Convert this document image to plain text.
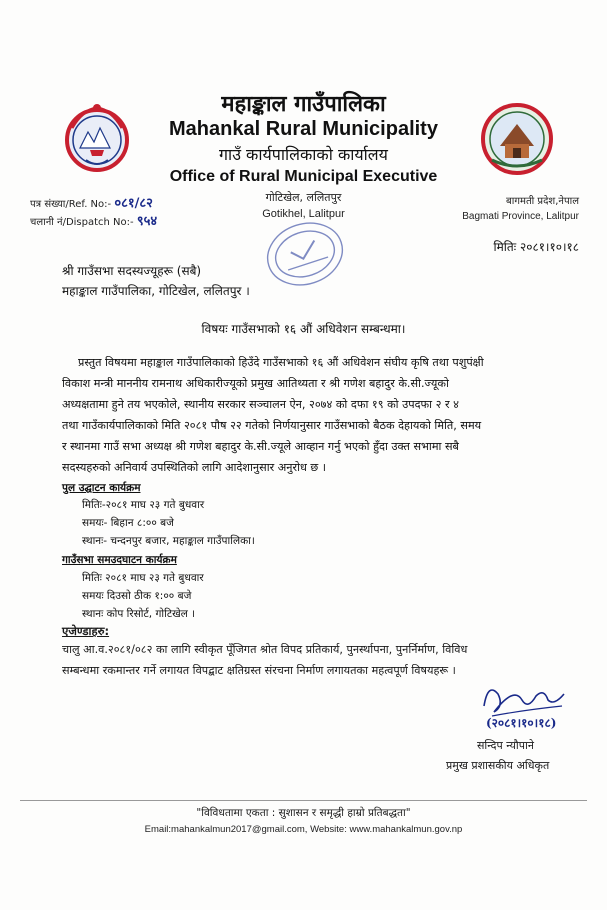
महाङ्काल गाउँपालिका
Mahankal Rural Municipality
गाउँ कार्यपालिकाको कार्यालय
Office of Rural Municipal Executive
गोटिखेल, ललितपुर
Gotikhel, Lalitpur
पत्र संख्या/Ref. No:- ०८१/८२
चलानी नं/Dispatch No:- ९५४
बागमती प्रदेश,नेपाल
Bagmati Province, Lalitpur
मितिः २०८१।१०।१८
श्री गाउँसभा सदस्यज्यूहरू (सबै)
महाङ्काल गाउँपालिका, गोटिखेल, ललितपुर ।
विषयः गाउँसभाको १६ औं अधिवेशन सम्बन्धमा।
प्रस्तुत विषयमा महाङ्काल गाउँपालिकाको हिउँदे गाउँसभाको १६ औं अधिवेशन संघीय कृषि तथा पशुपंक्षी
विकाश मन्त्री माननीय रामनाथ अधिकारीज्यूको प्रमुख आतिथ्यता र श्री गणेश बहादुर के.सी.ज्यूको
अध्यक्षतामा हुने तय भएकोले, स्थानीय सरकार सञ्चालन ऐन, २०७४ को दफा १९ को उपदफा २ र ४
तथा गाउँकार्यपालिकाको मिति २०८१ पौष २२ गतेको निर्णयानुसार गाउँसभाको बैठक देहायको मिति, समय
र स्थानमा गाउँ सभा अध्यक्ष श्री गणेश बहादुर के.सी.ज्यूले आव्हान गर्नु भएको हुँदा उक्त सभामा सबै
सदस्यहरुको अनिवार्य उपस्थितिको लागि आदेशानुसार अनुरोध छ ।
पुल उद्घाटन कार्यक्रम
मितिः-२०८१ माघ २३ गते बुधवार
समयः- बिहान ८:०० बजे
स्थानः- चन्दनपुर बजार, महाङ्काल गाउँपालिका।
गाउँसभा समउदघाटन कार्यक्रम
मितिः २०८१ माघ २३ गते बुधवार
समयः दिउसो ठीक १:०० बजे
स्थानः कोप रिसोर्ट, गोटिखेल ।
एजेण्डाहरु:
चालु आ.व.२०८१/०८२ का लागि स्वीकृत पूँजिगत श्रोत विपद प्रतिकार्य, पुनर्स्थापना, पुनर्निर्माण, विविध
सम्बन्धमा रकमान्तर गर्ने लगायत विपद्बाट क्षतिग्रस्त संरचना निर्माण लगायतका महत्वपूर्ण विषयहरू ।
(२०८१।१०।१८)
सन्दिप न्यौपाने
प्रमुख प्रशासकीय अधिकृत
"विविधतामा एकता : सुशासन र समृद्धी हाम्रो प्रतिबद्धता"
Email:mahankalmun2017@gmail.com, Website: www.mahankalmun.gov.np
